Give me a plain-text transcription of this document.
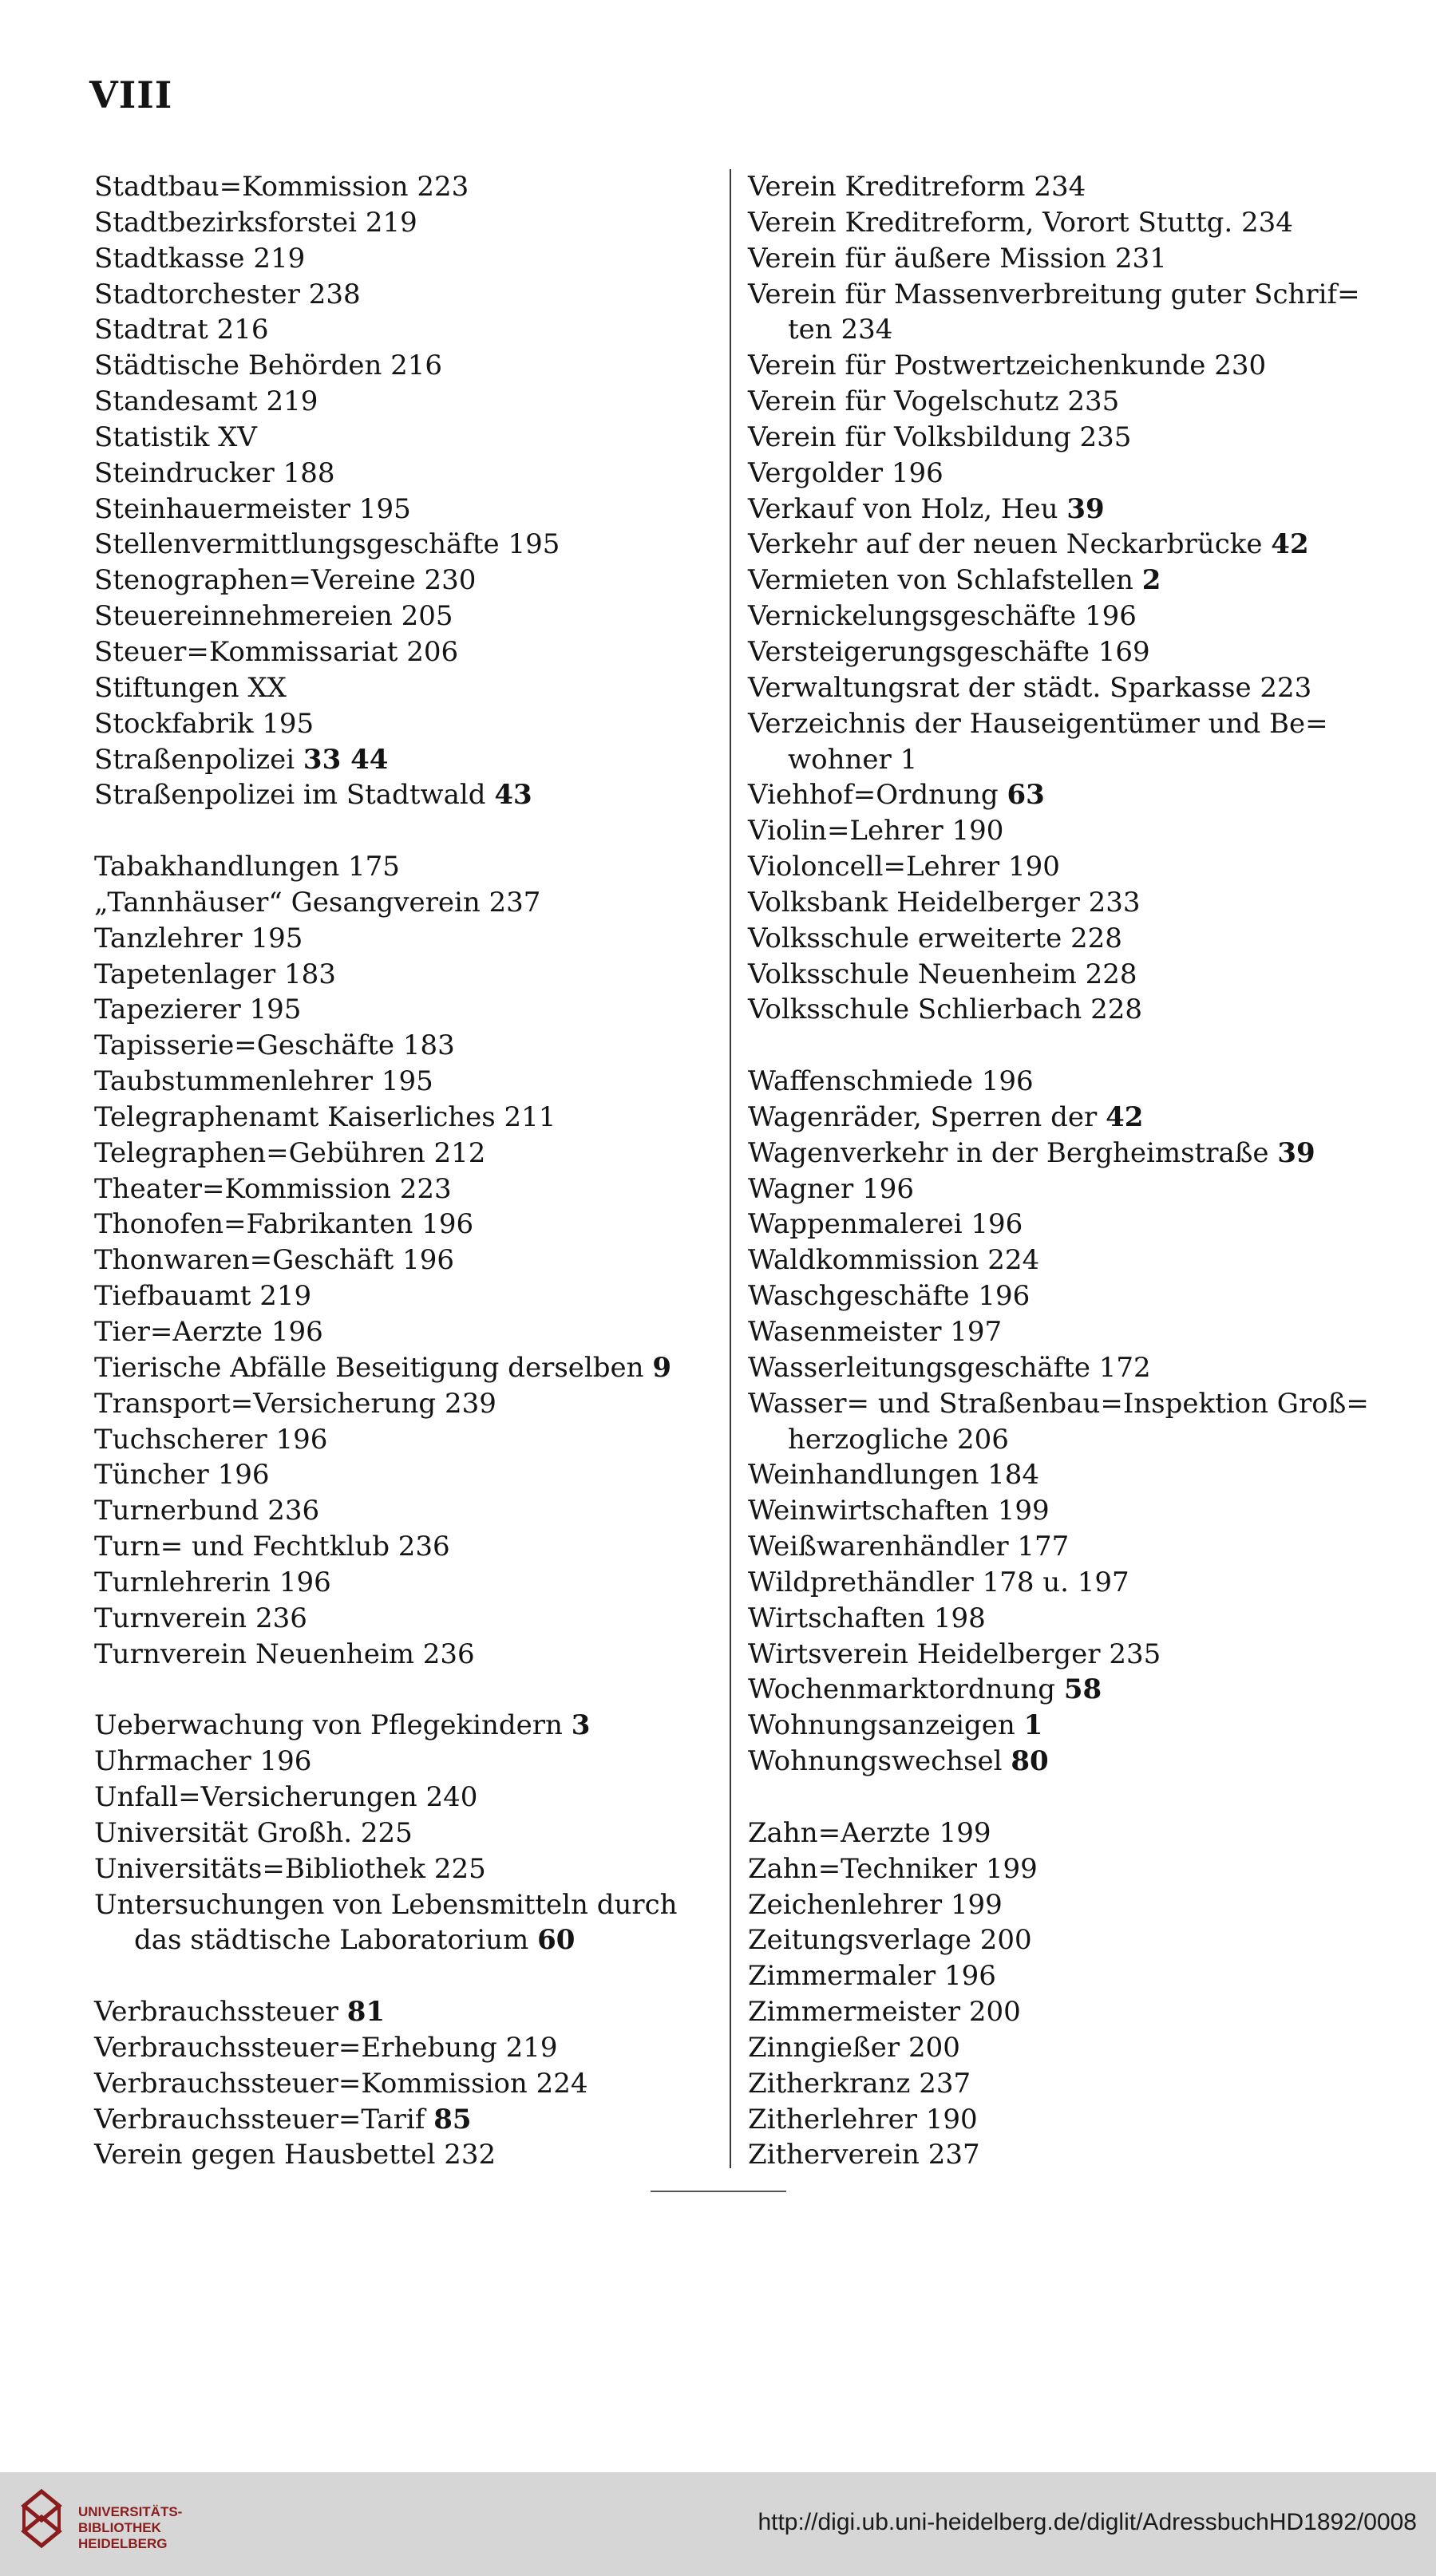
VIII
Stadtbau=Kommission 223
Stadtbezirksforstei 219
Stadtkasse 219
Stadtorchester 238
Stadtrat 216
Städtische Behörden 216
Standesamt 219
Statistik XV
Steindrucker 188
Steinhauermeister 195
Stellenvermittlungsgeschäfte 195
Stenographen=Vereine 230
Steuereinnehmereien 205
Steuer=Kommissariat 206
Stiftungen XX
Stockfabrik 195
Straßenpolizei 33 44
Straßenpolizei im Stadtwald 43
Tabakhandlungen 175
„Tannhäuser“ Gesangverein 237
Tanzlehrer 195
Tapetenlager 183
Tapezierer 195
Tapisserie=Geschäfte 183
Taubstummenlehrer 195
Telegraphenamt Kaiserliches 211
Telegraphen=Gebühren 212
Theater=Kommission 223
Thonofen=Fabrikanten 196
Thonwaren=Geschäft 196
Tiefbauamt 219
Tier=Aerzte 196
Tierische Abfälle Beseitigung derselben 9
Transport=Versicherung 239
Tuchscherer 196
Tüncher 196
Turnerbund 236
Turn= und Fechtklub 236
Turnlehrerin 196
Turnverein 236
Turnverein Neuenheim 236
Ueberwachung von Pflegekindern 3
Uhrmacher 196
Unfall=Versicherungen 240
Universität Großh. 225
Universitäts=Bibliothek 225
Untersuchungen von Lebensmitteln durch
das städtische Laboratorium 60
Verbrauchssteuer 81
Verbrauchssteuer=Erhebung 219
Verbrauchssteuer=Kommission 224
Verbrauchssteuer=Tarif 85
Verein gegen Hausbettel 232
Verein Kreditreform 234
Verein Kreditreform, Vorort Stuttg. 234
Verein für äußere Mission 231
Verein für Massenverbreitung guter Schrif=
ten 234
Verein für Postwertzeichenkunde 230
Verein für Vogelschutz 235
Verein für Volksbildung 235
Vergolder 196
Verkauf von Holz, Heu 39
Verkehr auf der neuen Neckarbrücke 42
Vermieten von Schlafstellen 2
Vernickelungsgeschäfte 196
Versteigerungsgeschäfte 169
Verwaltungsrat der städt. Sparkasse 223
Verzeichnis der Hauseigentümer und Be=
wohner 1
Viehhof=Ordnung 63
Violin=Lehrer 190
Violoncell=Lehrer 190
Volksbank Heidelberger 233
Volksschule erweiterte 228
Volksschule Neuenheim 228
Volksschule Schlierbach 228
Waffenschmiede 196
Wagenräder, Sperren der 42
Wagenverkehr in der Bergheimstraße 39
Wagner 196
Wappenmalerei 196
Waldkommission 224
Waschgeschäfte 196
Wasenmeister 197
Wasserleitungsgeschäfte 172
Wasser= und Straßenbau=Inspektion Groß=
herzogliche 206
Weinhandlungen 184
Weinwirtschaften 199
Weißwarenhändler 177
Wildprethändler 178 u. 197
Wirtschaften 198
Wirtsverein Heidelberger 235
Wochenmarktordnung 58
Wohnungsanzeigen 1
Wohnungswechsel 80
Zahn=Aerzte 199
Zahn=Techniker 199
Zeichenlehrer 199
Zeitungsverlage 200
Zimmermaler 196
Zimmermeister 200
Zinngießer 200
Zitherkranz 237
Zitherlehrer 190
Zitherverein 237
UNIVERSITÄTS-
BIBLIOTHEK
HEIDELBERG
http://digi.ub.uni-heidelberg.de/diglit/AdressbuchHD1892/0008
